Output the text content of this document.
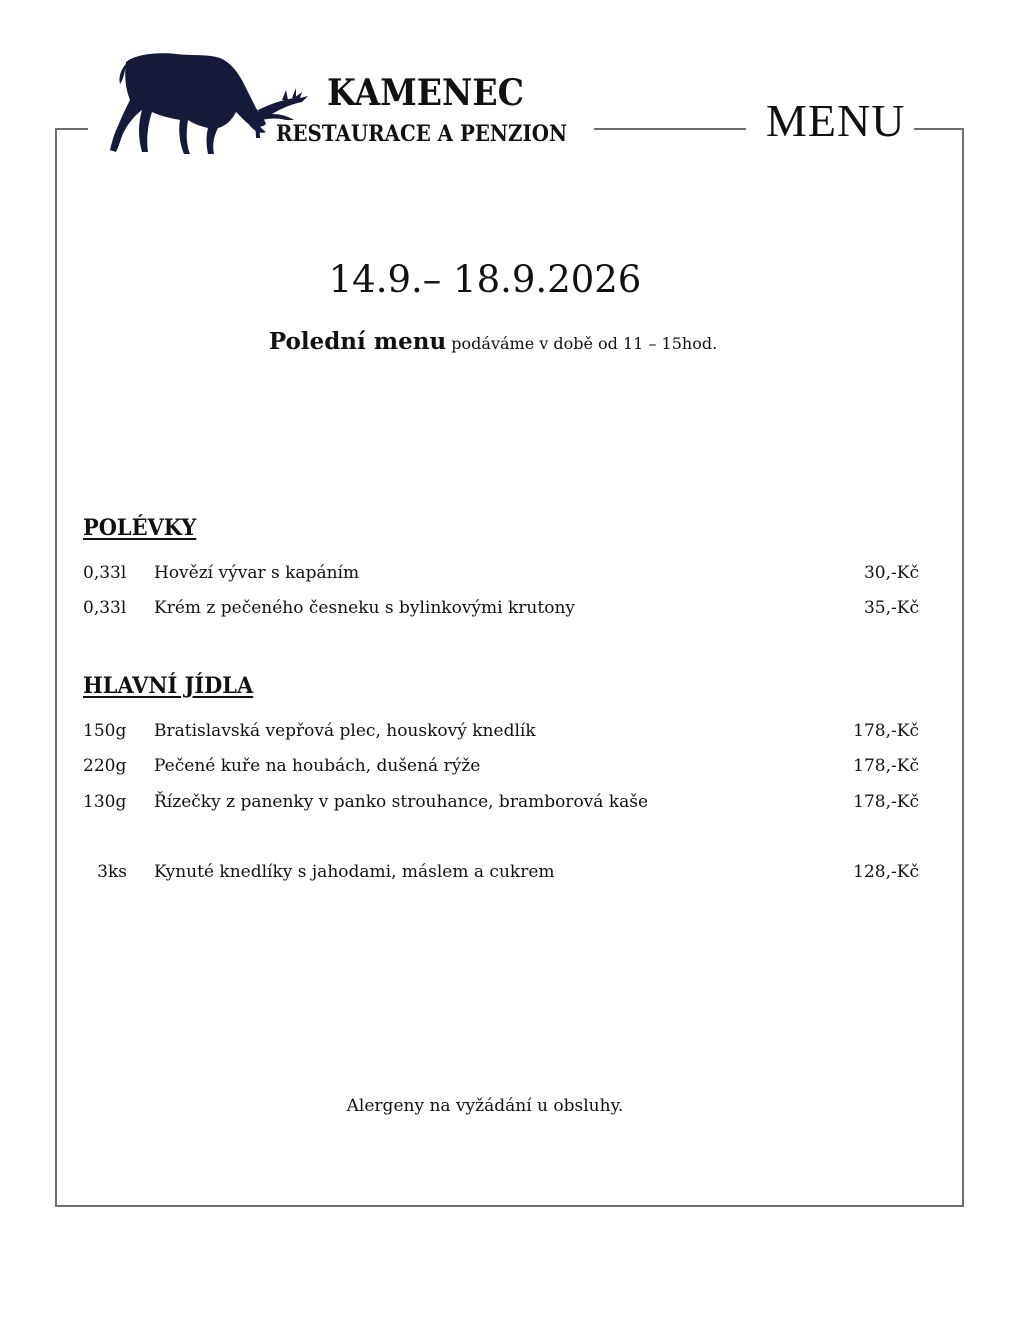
KAMENEC
RESTAURACE A PENZION	MENU
14.9.– 18.9.2026
Polední menu podáváme v době od 11 – 15hod.
POLÉVKY
0,33l Hovězí vývar s kapáním	30,-Kč
0,33l Krém z pečeného česneku s bylinkovými krutony	35,-Kč
HLAVNÍ JÍDLA
150g Bratislavská vepřová plec, houskový knedlík	178,-Kč
220g Pečené kuře na houbách, dušená rýže	178,-Kč
130g Řízečky z panenky v panko strouhance, bramborová kaše	178,-Kč
3ks Kynuté knedlíky s jahodami, máslem a cukrem	128,-Kč
Alergeny na vyžádání u obsluhy.
